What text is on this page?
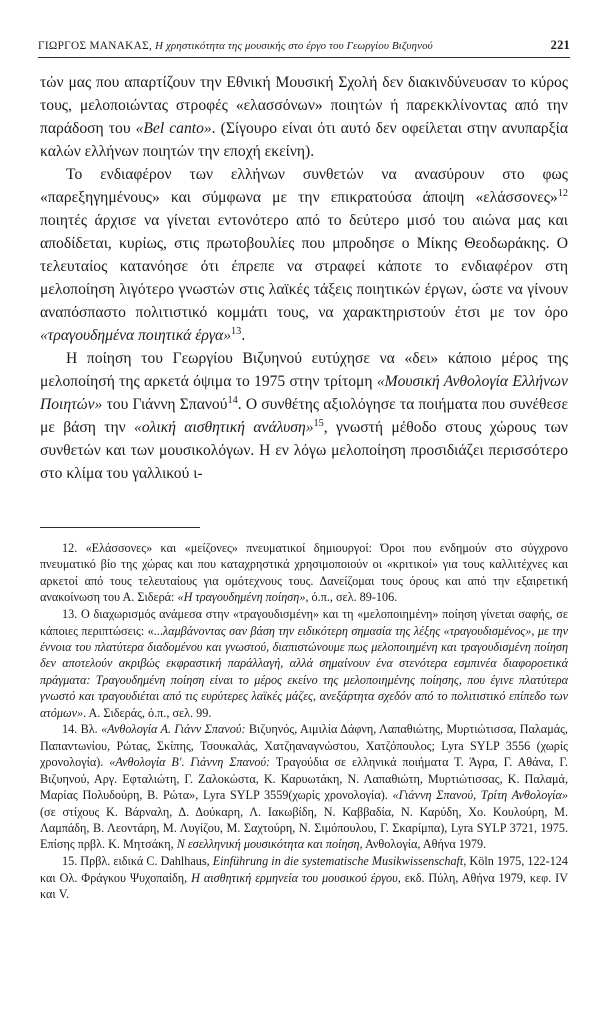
ΓΙΩΡΓΟΣ ΜΑΝΑΚΑΣ, Η χρηστικότητα της μουσικής στο έργο του Γεωργίου Βιζυηνού	221

τών μας που απαρτίζουν την Εθνική Μουσική Σχολή δεν διακινδύνευσαν το κύρος τους, μελοποιώντας στροφές «ελασσόνων» ποιητών ή παρεκκλίνοντας από την παράδοση του «Bel canto». (Σίγουρο είναι ότι αυτό δεν οφείλεται στην ανυπαρξία καλών ελλήνων ποιητών την εποχή εκείνη).

Το ενδιαφέρον των ελλήνων συνθετών να ανασύρουν στο φως «παρεξηγημένους» και σύμφωνα με την επικρατούσα άποψη «ελάσσονες»$^{12}$ ποιητές άρχισε να γίνεται εντονότερο από το δεύτερο μισό του αιώνα μας και αποδίδεται, κυρίως, στις πρωτοβουλίες που μπροδησε ο Μίκης Θεοδωράκης. Ο τελευταίος κατανόησε ότι έπρεπε να στραφεί κάποτε το ενδιαφέρον στη μελοποίηση λιγότερο γνωστών στις λαϊκές τάξεις ποιητικών έργων, ώστε να γίνουν αναπόσπαστο πολιτιστικό κομμάτι τους, να χαρακτηριστούν έτσι με τον όρο «τραγουδημένα ποιητικά έργα»$^{13}$.

Η ποίηση του Γεωργίου Βιζυηνού ευτύχησε να «δει» κάποιο μέρος της μελοποίησή της αρκετά όψιμα το 1975 στην τρίτομη «Μουσική Ανθολογία Ελλήνων Ποιητών» του Γιάννη Σπανού$^{14}$. Ο συνθέτης αξιολόγησε τα ποιήματα που συνέθεσε με βάση την «ολική αισθητική ανάλυση»$^{15}$, γνωστή μέθοδο στους χώρους των συνθετών και των μουσικολόγων. Η εν λόγω μελοποίηση προσιδιάζει περισσότερο στο κλίμα του γαλλικού ι-

12. «Ελάσσονες» και «μείζονες» πνευματικοί δημιουργοί: Όροι που ενδημούν στο σύγχρονο πνευματικό βίο της χώρας και που καταχρηστικά χρησιμοποιούν οι «κριτικοί» για τους καλλιτέχνες και αρκετοί από τους τελευταίους για ομότεχνους τους. Δανείζομαι τους όρους και από την εξαιρετική ανακοίνωση του Α. Σιδερά: «Η τραγουδημένη ποίηση», ό.π., σελ. 89-106.

13. Ο διαχωρισμός ανάμεσα στην «τραγουδισμένη» και τη «μελοποιημένη» ποίηση γίνεται σαφής, σε κάποιες περιπτώσεις: «...λαμβάνοντας σαν βάση την ειδικότερη σημασία της λέξης «τραγουδισμένος», με την έννοια του πλατύτερα διαδομένου και γνωστού, διαπιστώνουμε πως μελοποιημένη και τραγουδισμένη ποίηση δεν αποτελούν ακριβώς εκφραστική παράλλαγή, αλλά σημαίνουν ένα στενότερα εσμπινέα διαφοροετικά πράγματα: Τραγουδημένη ποίηση είναι το μέρος εκείνο της μελοποιημένης ποίησης, που έγινε πλατύτερα γνωστό και τραγουδιέται από τις ευρύτερες λαϊκές μάζες, ανεξάρτητα σχεδόν από το πολιτιστικό επίπεδο των ατόμων». Α. Σιδεράς, ό.π., σελ. 99.

14. Βλ. «Ανθολογία Α. Γιάνν Σπανού: Βιζυηνός, Αιμιλία Δάφνη, Λαπαθιώτης, Μυρτιώτισσα, Παλαμάς, Παπαντωνίου, Ρώτας, Σκίπης, Τσουκαλάς, Χατζηαναγνώστου, Χατζόπουλος; Lyra SYLP 3556 (χωρίς χρονολογία). «Ανθολογία Β'. Γιάννη Σπανού: Τραγούδια σε ελληνικά ποιήματα Τ. Άγρα, Γ. Αθάνα, Γ. Βιζυηνού, Αργ. Εφταλιώτη, Γ. Ζαλοκώστα, Κ. Καρυωτάκη, Ν. Λαπαθιώτη, Μυρτιώτισσας, Κ. Παλαμά, Μαρίας Πολυδούρη, Β. Ρώτα», Lyra SYLP 3559(χωρίς χρονολογία). «Γιάννη Σπανού, Τρίτη Ανθολογία» (σε στίχους Κ. Βάρναλη, Δ. Δούκαρη, Λ. Ιακωβίδη, Ν. Καββαδία, Ν. Καρύδη, Χο. Κουλούρη, Μ. Λαμπάδη, Β. Λεοντάρη, Μ. Λυγίζου, Μ. Σαχτούρη, Ν. Σιμόπουλου, Γ. Σκαρίμπα), Lyra SYLP 3721, 1975. Επίσης πρβλ. Κ. Μητσάκη, Ν εσελληνική μουσικότητα και ποίηση, Ανθολογία, Αθήνα 1979.

15. Πρβλ. ειδικά C. Dahlhaus, Einführung in die systematische Musikwissenschaft, Köln 1975, 122-124 και Ολ. Φράγκου Ψυχοπαίδη, Η αισθητική ερμηνεία του μουσικού έργου, εκδ. Πύλη, Αθήνα 1979, κεφ. IV και V.
